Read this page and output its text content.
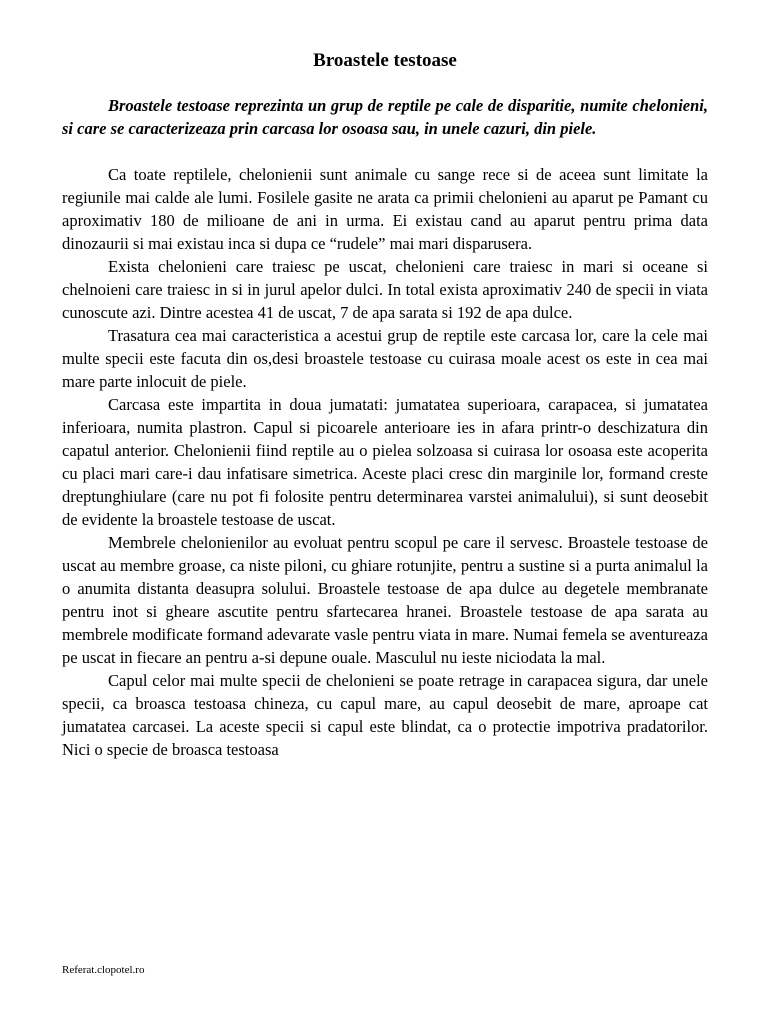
Broastele testoase

Broastele testoase reprezinta un grup de reptile pe cale de disparitie, numite chelonieni, si care se caracterizeaza prin carcasa lor osoasa sau, in unele cazuri, din piele.

Ca toate reptilele, chelonienii sunt animale cu sange rece si de aceea sunt limitate la regiunile mai calde ale lumi. Fosilele gasite ne arata ca primii chelonieni au aparut pe Pamant cu aproximativ 180 de milioane de ani in urma. Ei existau cand au aparut pentru prima data dinozaurii si mai existau inca si dupa ce “rudele” mai mari disparusera.

Exista chelonieni care traiesc pe uscat, chelonieni care traiesc in mari si oceane si chelnoieni care traiesc in si in jurul apelor dulci. In total exista aproximativ 240 de specii in viata cunoscute azi. Dintre acestea 41 de uscat, 7 de apa sarata si 192 de apa dulce.

Trasatura cea mai caracteristica a acestui grup de reptile este carcasa lor, care la cele mai multe specii este facuta din os,desi broastele testoase cu cuirasa moale acest os este in cea mai mare parte inlocuit de piele.

Carcasa este impartita in doua jumatati: jumatatea superioara, carapacea, si jumatatea inferioara, numita plastron. Capul si picoarele anterioare ies in afara printr-o deschizatura din capatul anterior. Chelonienii fiind reptile au o pielea solzoasa si cuirasa lor osoasa este acoperita cu placi mari care-i dau infatisare simetrica. Aceste placi cresc din marginile lor, formand creste dreptunghiulare (care nu pot fi folosite pentru determinarea varstei animalului), si sunt deosebit de evidente la broastele testoase de uscat.

Membrele chelonienilor au evoluat pentru scopul pe care il servesc. Broastele testoase de uscat au membre groase, ca niste piloni, cu ghiare rotunjite, pentru a sustine si a purta animalul la o anumita distanta deasupra solului. Broastele testoase de apa dulce au degetele membranate pentru inot si gheare ascutite pentru sfartecarea hranei. Broastele testoase de apa sarata au membrele modificate formand adevarate vasle pentru viata in mare. Numai femela se aventureaza pe uscat in fiecare an pentru a-si depune ouale. Masculul nu ieste niciodata la mal.

Capul celor mai multe specii de chelonieni se poate retrage in carapacea sigura, dar unele specii, ca broasca testoasa chineza, cu capul mare, au capul deosebit de mare, aproape cat jumatatea carcasei. La aceste specii si capul este blindat, ca o protectie impotriva pradatorilor. Nici o specie de broasca testoasa

Referat.clopotel.ro
